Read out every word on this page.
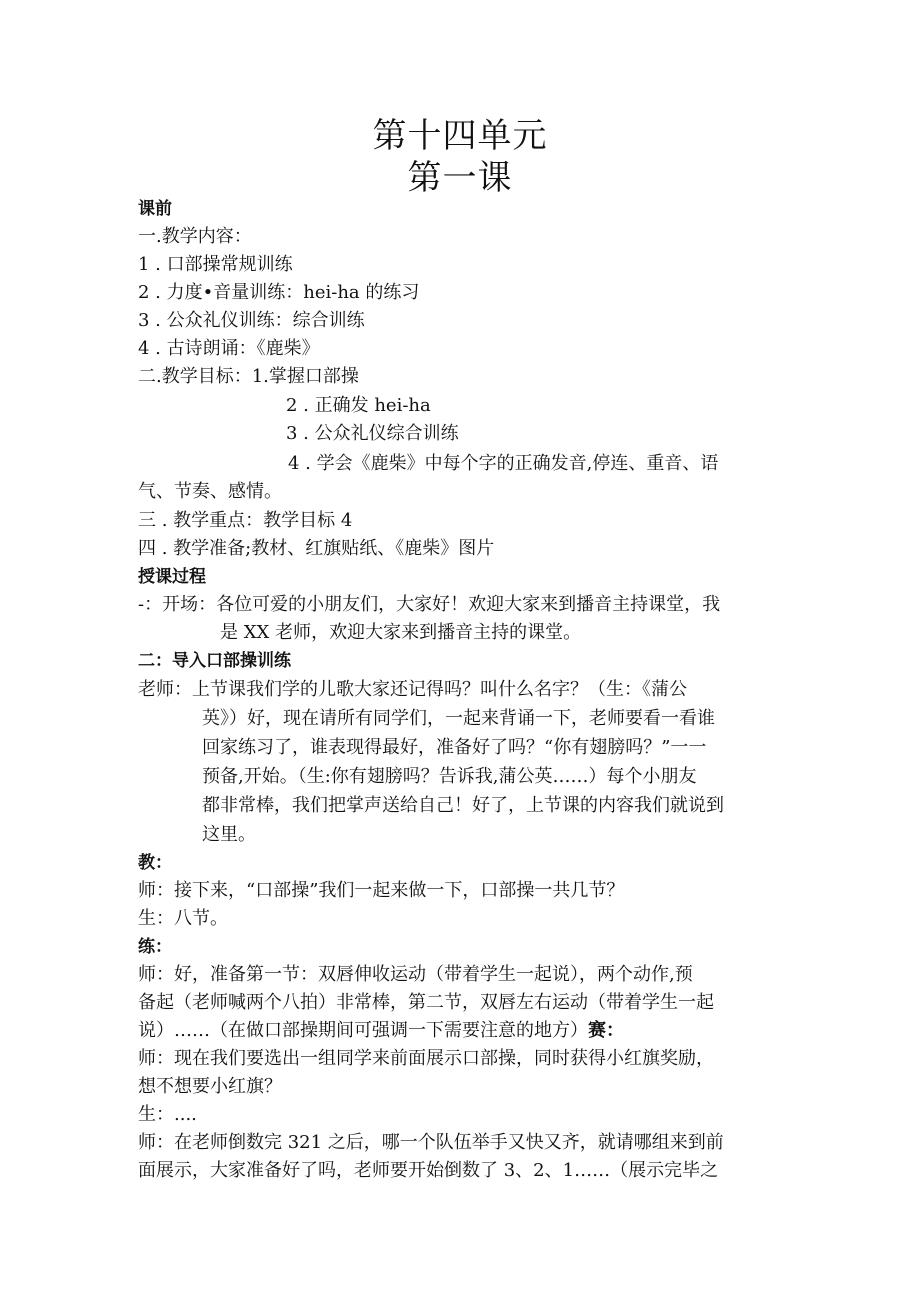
第十四单元
第一课
课前
一.教学内容：
1 . 口部操常规训练
2 . 力度•音量训练：hei-ha 的练习
3 . 公众礼仪训练：综合训练
4 . 古诗朗诵：《鹿柴》
二.教学目标：1.掌握口部操
2 . 正确发 hei-ha
3 . 公众礼仪综合训练
4 . 学会《鹿柴》中每个字的正确发音,停连、重音、语
气、节奏、感情。
三 . 教学重点：教学目标 4
四 . 教学准备;教材、红旗贴纸、《鹿柴》图片
授课过程
-：开场：各位可爱的小朋友们，大家好！欢迎大家来到播音主持课堂，我
是 XX 老师，欢迎大家来到播音主持的课堂。
二：导入口部操训练
老师：上节课我们学的儿歌大家还记得吗？叫什么名字？（生：《蒲公
英》）好，现在请所有同学们，一起来背诵一下，老师要看一看谁
回家练习了，谁表现得最好，准备好了吗？“你有翅膀吗？”一一
预备,开始。（生:你有翅膀吗？告诉我,蒲公英……）每个小朋友
都非常棒，我们把掌声送给自己！好了，上节课的内容我们就说到
这里。
教：
师：接下来，“口部操”我们一起来做一下，口部操一共几节？
生：八节。
练：
师：好，准备第一节：双唇伸收运动（带着学生一起说），两个动作,预
备起（老师喊两个八拍）非常棒，第二节，双唇左右运动（带着学生一起
说）……（在做口部操期间可强调一下需要注意的地方）赛：
师：现在我们要选出一组同学来前面展示口部操，同时获得小红旗奖励，
想不想要小红旗？
生：....
师：在老师倒数完 321 之后，哪一个队伍举手又快又齐，就请哪组来到前
面展示，大家准备好了吗，老师要开始倒数了 3、2、1……（展示完毕之
